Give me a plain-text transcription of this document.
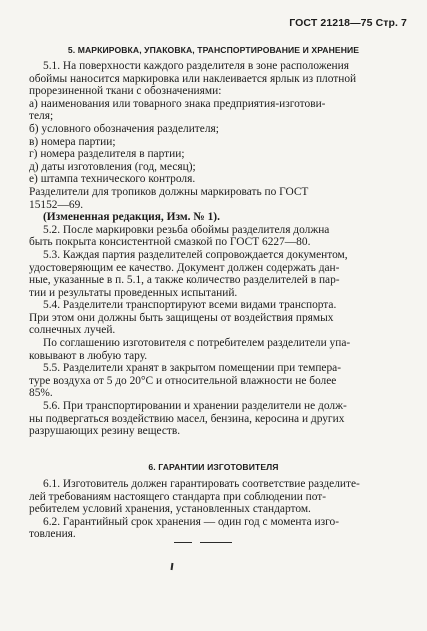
ГОСТ 21218—75 Стр. 7
5. МАРКИРОВКА, УПАКОВКА, ТРАНСПОРТИРОВАНИЕ И ХРАНЕНИЕ
5.1. На поверхности каждого разделителя в зоне расположения
обоймы наносится маркировка или наклеивается ярлык из плотной
прорезиненной ткани с обозначениями:
а) наименования или товарного знака предприятия-изготови-
теля;
б) условного обозначения разделителя;
в) номера партии;
г) номера разделителя в партии;
д) даты изготовления (год, месяц);
е) штампа технического контроля.
Разделители для тропиков должны маркировать по ГОСТ
15152—69.
(Измененная редакция, Изм. № 1).
5.2. После маркировки резьба обоймы разделителя должна
быть покрыта консистентной смазкой по ГОСТ 6227—80.
5.3. Каждая партия разделителей сопровождается документом,
удостоверяющим ее качество. Документ должен содержать дан-
ные, указанные в п. 5.1, а также количество разделителей в пар-
тии и результаты проведенных испытаний.
5.4. Разделители транспортируют всеми видами транспорта.
При этом они должны быть защищены от воздействия прямых
солнечных лучей.
По соглашению изготовителя с потребителем разделители упа-
ковывают в любую тару.
5.5. Разделители хранят в закрытом помещении при темпера-
туре воздуха от 5 до 20°C и относительной влажности не более
85%.
5.6. При транспортировании и хранении разделители не долж-
ны подвергаться воздействию масел, бензина, керосина и других
разрушающих резину веществ.
6. ГАРАНТИИ ИЗГОТОВИТЕЛЯ
6.1. Изготовитель должен гарантировать соответствие разделите-
лей требованиям настоящего стандарта при соблюдении пот-
ребителем условий хранения, установленных стандартом.
6.2. Гарантийный срок хранения — один год с момента изго-
товления.
